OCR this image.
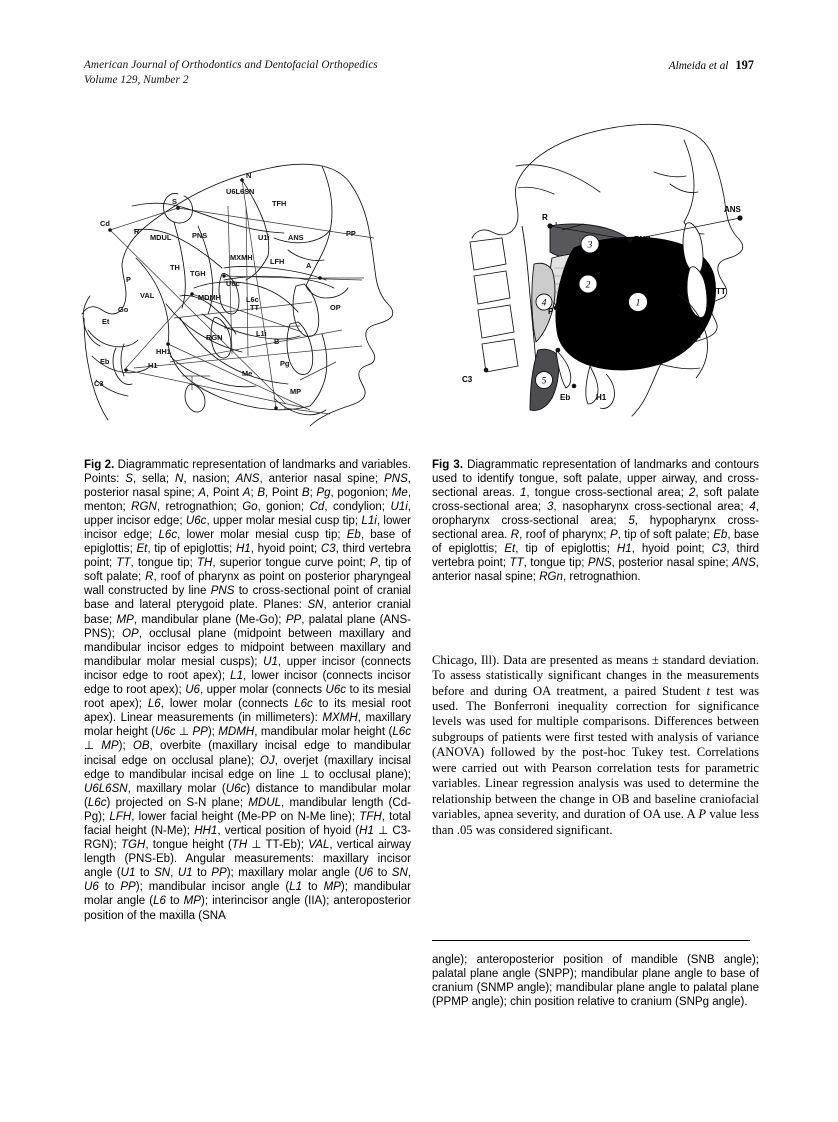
American Journal of Orthodontics and Dentofacial Orthopedics
Volume 129, Number 2
Almeida et al 197
S
N
Cd
R
MDUL	PNS
U6L6SN
U1i ANS	PP
TFH
MXMH LFH	A
P
TH
TGH
VAL
Go
MDMH
U6c
L6c
TT	OP
Et
Eb
HH1
H1
RGN	L1i
B
Me
Pg
MP
C3
3
2
4
5
1
R
PNS
ANS
P
Et
Eb	H1
C3
TT
RGn

Fig 2. Diagrammatic representation of landmarks and variables. Points: S, sella; N, nasion; ANS, anterior nasal spine; PNS, posterior nasal spine; A, Point A; B, Point B; Pg, pogonion; Me, menton; RGN, retrognathion; Go, gonion; Cd, condylion; U1i, upper incisor edge; U6c, upper molar mesial cusp tip; L1i, lower incisor edge; L6c, lower molar mesial cusp tip; Eb, base of epiglottis; Et, tip of epiglottis; H1, hyoid point; C3, third vertebra point; TT, tongue tip; TH, superior tongue curve point; P, tip of soft palate; R, roof of pharynx as point on posterior pharyngeal wall constructed by line PNS to cross-sectional point of cranial base and lateral pterygoid plate. Planes: SN, anterior cranial base; MP, mandibular plane (Me-Go); PP, palatal plane (ANS-PNS); OP, occlusal plane (midpoint between maxillary and mandibular incisor edges to midpoint between maxillary and mandibular molar mesial cusps); U1, upper incisor (connects incisor edge to root apex); L1, lower incisor (connects incisor edge to root apex); U6, upper molar (connects U6c to its mesial root apex); L6, lower molar (connects L6c to its mesial root apex). Linear measurements (in millimeters): MXMH, maxillary molar height (U6c ⊥ PP); MDMH, mandibular molar height (L6c ⊥ MP); OB, overbite (maxillary incisal edge to mandibular incisal edge on occlusal plane); OJ, overjet (maxillary incisal edge to mandibular incisal edge on line ⊥ to occlusal plane); U6L6SN, maxillary molar (U6c) distance to mandibular molar (L6c) projected on S-N plane; MDUL, mandibular length (Cd-Pg); LFH, lower facial height (Me-PP on N-Me line); TFH, total facial height (N-Me); HH1, vertical position of hyoid (H1 ⊥ C3-RGN); TGH, tongue height (TH ⊥ TT-Eb); VAL, vertical airway length (PNS-Eb). Angular measurements: maxillary incisor angle (U1 to SN, U1 to PP); maxillary molar angle (U6 to SN, U6 to PP); mandibular incisor angle (L1 to MP); mandibular molar angle (L6 to MP); interincisor angle (IIA); anteroposterior position of the maxilla (SNA

Fig 3. Diagrammatic representation of landmarks and contours used to identify tongue, soft palate, upper airway, and cross-sectional areas. 1, tongue cross-sectional area; 2, soft palate cross-sectional area; 3, nasopharynx cross-sectional area; 4, oropharynx cross-sectional area; 5, hypopharynx cross-sectional area. R, roof of pharynx; P, tip of soft palate; Eb, base of epiglottis; Et, tip of epiglottis; H1, hyoid point; C3, third vertebra point; TT, tongue tip; PNS, posterior nasal spine; ANS, anterior nasal spine; RGn, retrognathion.

Chicago, Ill). Data are presented as means ± standard deviation. To assess statistically significant changes in the measurements before and during OA treatment, a paired Student t test was used. The Bonferroni inequality correction for significance levels was used for multiple comparisons. Differences between subgroups of patients were first tested with analysis of variance (ANOVA) followed by the post-hoc Tukey test. Correlations were carried out with Pearson correlation tests for parametric variables. Linear regression analysis was used to determine the relationship between the change in OB and baseline craniofacial variables, apnea severity, and duration of OA use. A P value less than .05 was considered significant.

angle); anteroposterior position of mandible (SNB angle); palatal plane angle (SNPP); mandibular plane angle to base of cranium (SNMP angle); mandibular plane angle to palatal plane (PPMP angle); chin position relative to cranium (SNPg angle).
